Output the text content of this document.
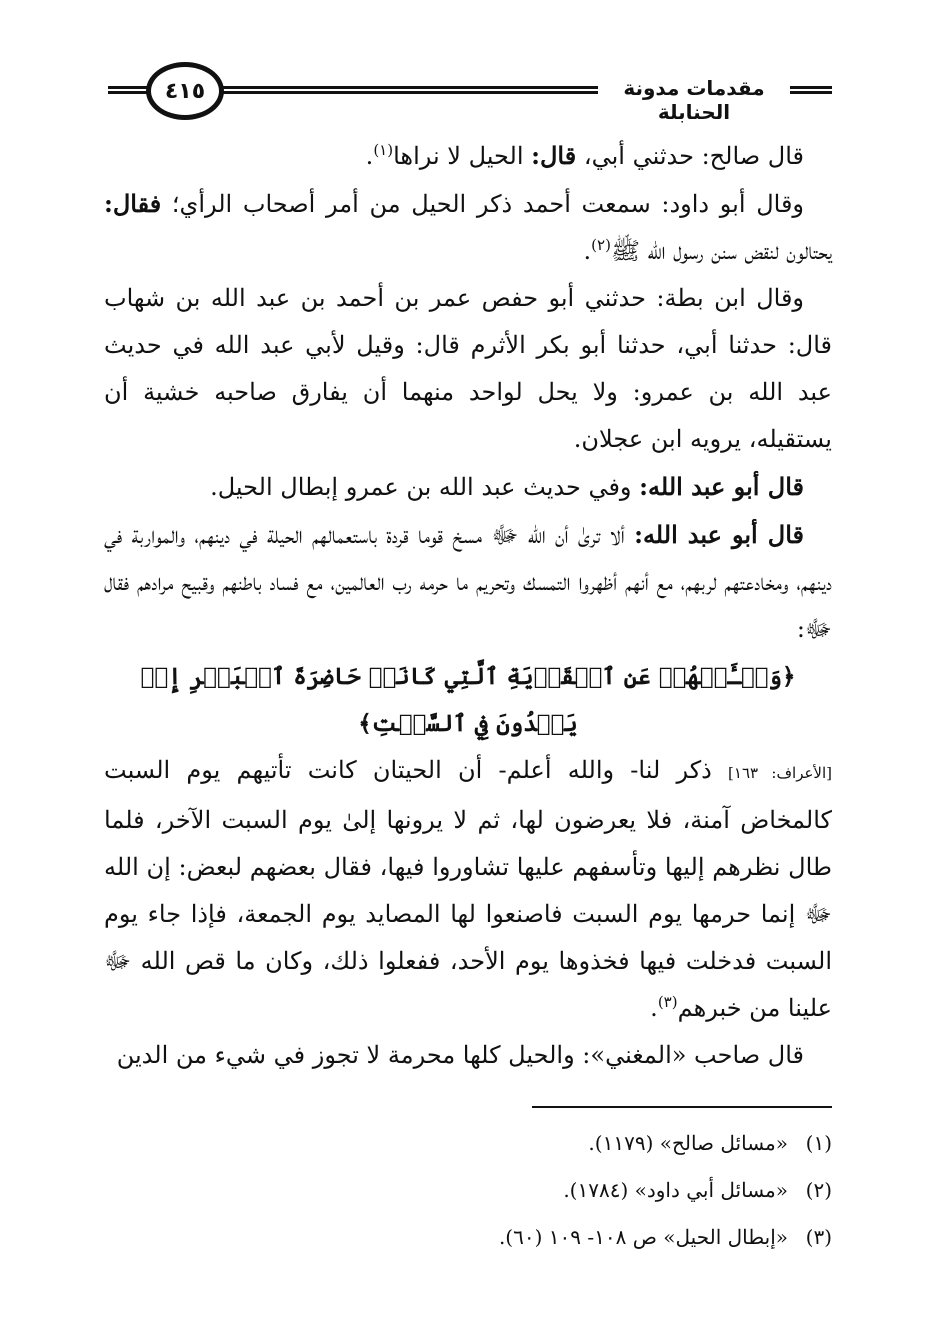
٤١٥	مقدمات مدونة الحنابلة

قال صالح: حدثني أبي، قال: الحيل لا نراها$^{(١)}$.

وقال أبو داود: سمعت أحمد ذكر الحيل من أمر أصحاب الرأي؛ فقال: يحتالون لنقض سنن رسول الله ﷺ$^{(٢)}$.

وقال ابن بطة: حدثني أبو حفص عمر بن أحمد بن عبد الله بن شهاب قال: حدثنا أبي، حدثنا أبو بكر الأثرم قال: وقيل لأبي عبد الله في حديث عبد الله بن عمرو: ولا يحل لواحد منهما أن يفارق صاحبه خشية أن يستقيله، يرويه ابن عجلان.

قال أبو عبد الله: وفي حديث عبد الله بن عمرو إبطال الحيل.

قال أبو عبد الله: ألا ترىٰ أن الله ﷻ مسخ قوما قردة باستعمالهم الحيلة في دينهم، والمواربة في دينهم، ومخادعتهم لربهم، مع أنهم أظهروا التمسك وتحريم ما حرمه رب العالمين، مع فساد باطنهم وقبيح مرادهم فقال ﷻ:

﴿وَسۡـَٔلۡهُمۡ عَنِ ٱلۡقَرۡيَةِ ٱلَّتِي كَانَتۡ حَاضِرَةَ ٱلۡبَحۡرِ إِذۡ يَعۡدُونَ فِي ٱلسَّبۡتِ﴾

[الأعراف: ١٦٣] ذكر لنا- والله أعلم- أن الحيتان كانت تأتيهم يوم السبت كالمخاض آمنة، فلا يعرضون لها، ثم لا يرونها إلىٰ يوم السبت الآخر، فلما طال نظرهم إليها وتأسفهم عليها تشاوروا فيها، فقال بعضهم لبعض: إن الله ﷻ إنما حرمها يوم السبت فاصنعوا لها المصايد يوم الجمعة، فإذا جاء يوم السبت فدخلت فيها فخذوها يوم الأحد، ففعلوا ذلك، وكان ما قص الله ﷻ علينا من خبرهم$^{(٣)}$.

قال صاحب «المغني»: والحيل كلها محرمة لا تجوز في شيء من الدين

(١)«مسائل صالح» (١١٧٩).

(٢)«مسائل أبي داود» (١٧٨٤).

(٣)«إبطال الحيل» ص ١٠٨- ١٠٩ (٦٠).
